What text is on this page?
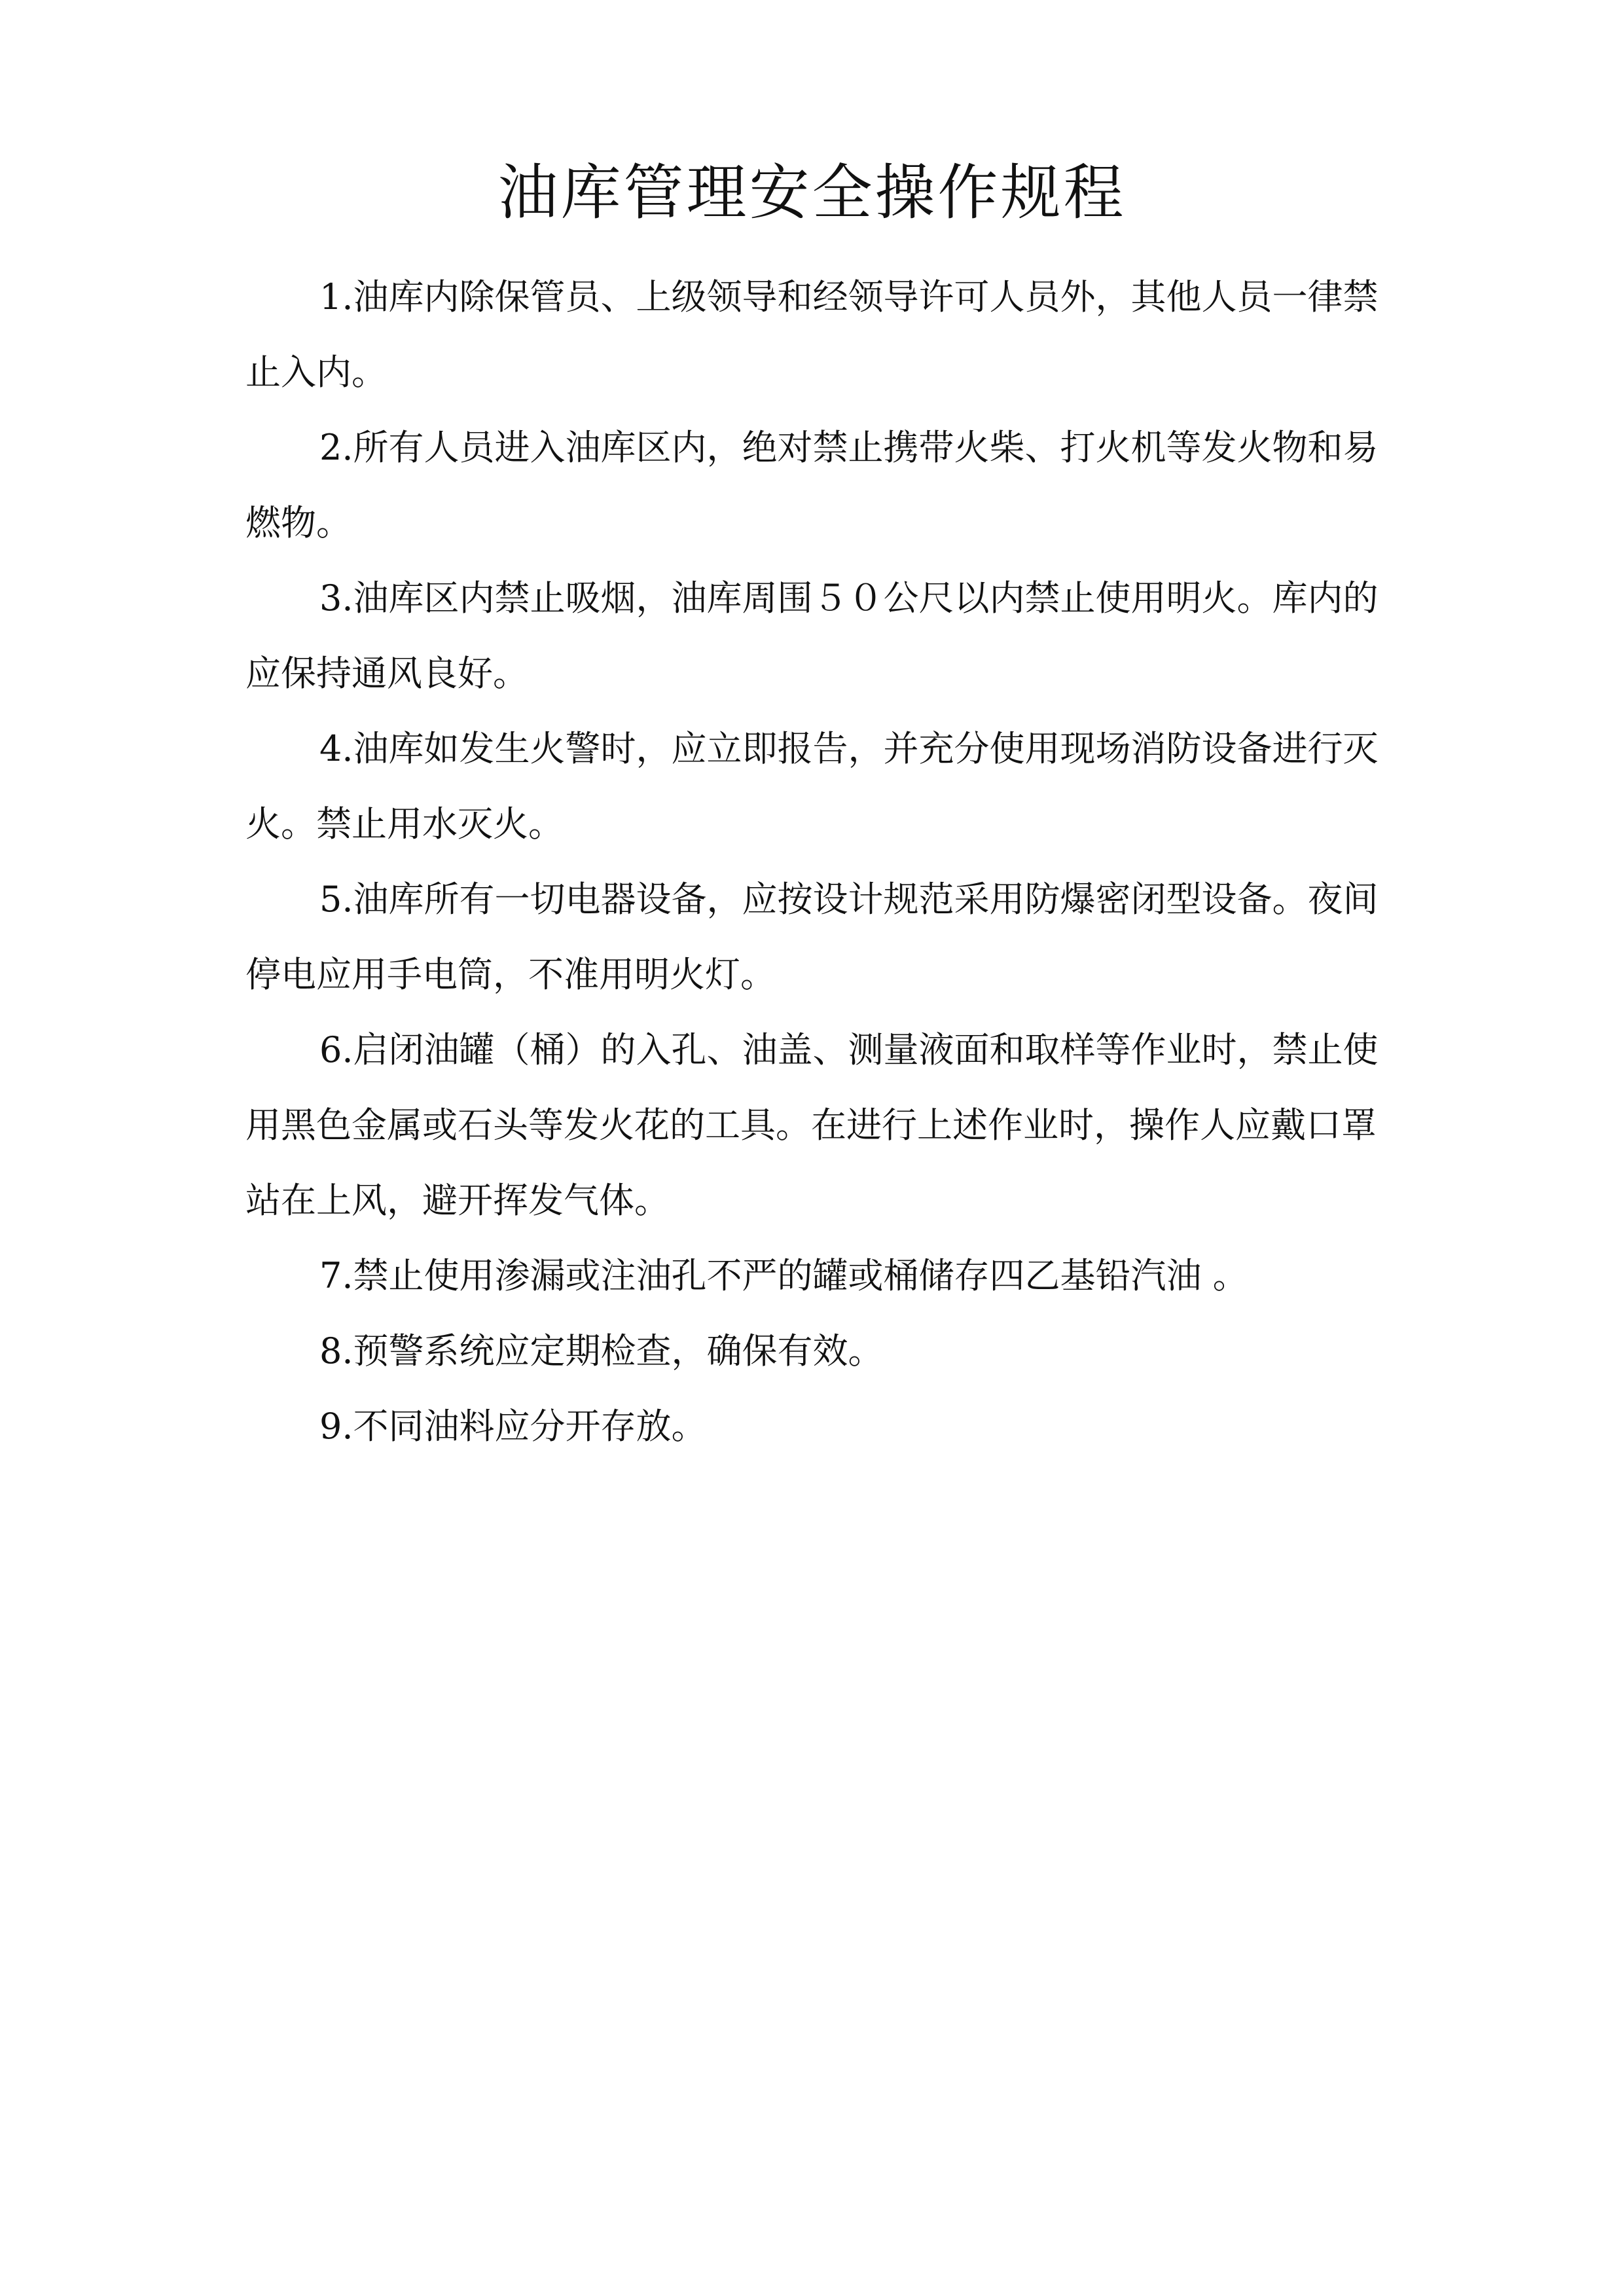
油库管理安全操作规程

1.油库内除保管员、上级领导和经领导许可人员外，其他人员一律禁止入内。

2.所有人员进入油库区内，绝对禁止携带火柴、打火机等发火物和易燃物。

3.油库区内禁止吸烟，油库周围５０公尺以内禁止使用明火。库内的应保持通风良好。

4.油库如发生火警时，应立即报告，并充分使用现场消防设备进行灭火。禁止用水灭火。

5.油库所有一切电器设备，应按设计规范采用防爆密闭型设备。夜间停电应用手电筒，不准用明火灯。

6.启闭油罐（桶）的入孔、油盖、测量液面和取样等作业时，禁止使用黑色金属或石头等发火花的工具。在进行上述作业时，操作人应戴口罩站在上风，避开挥发气体。

7.禁止使用渗漏或注油孔不严的罐或桶储存四乙基铅汽油 。

8.预警系统应定期检查，确保有效。

9.不同油料应分开存放。
